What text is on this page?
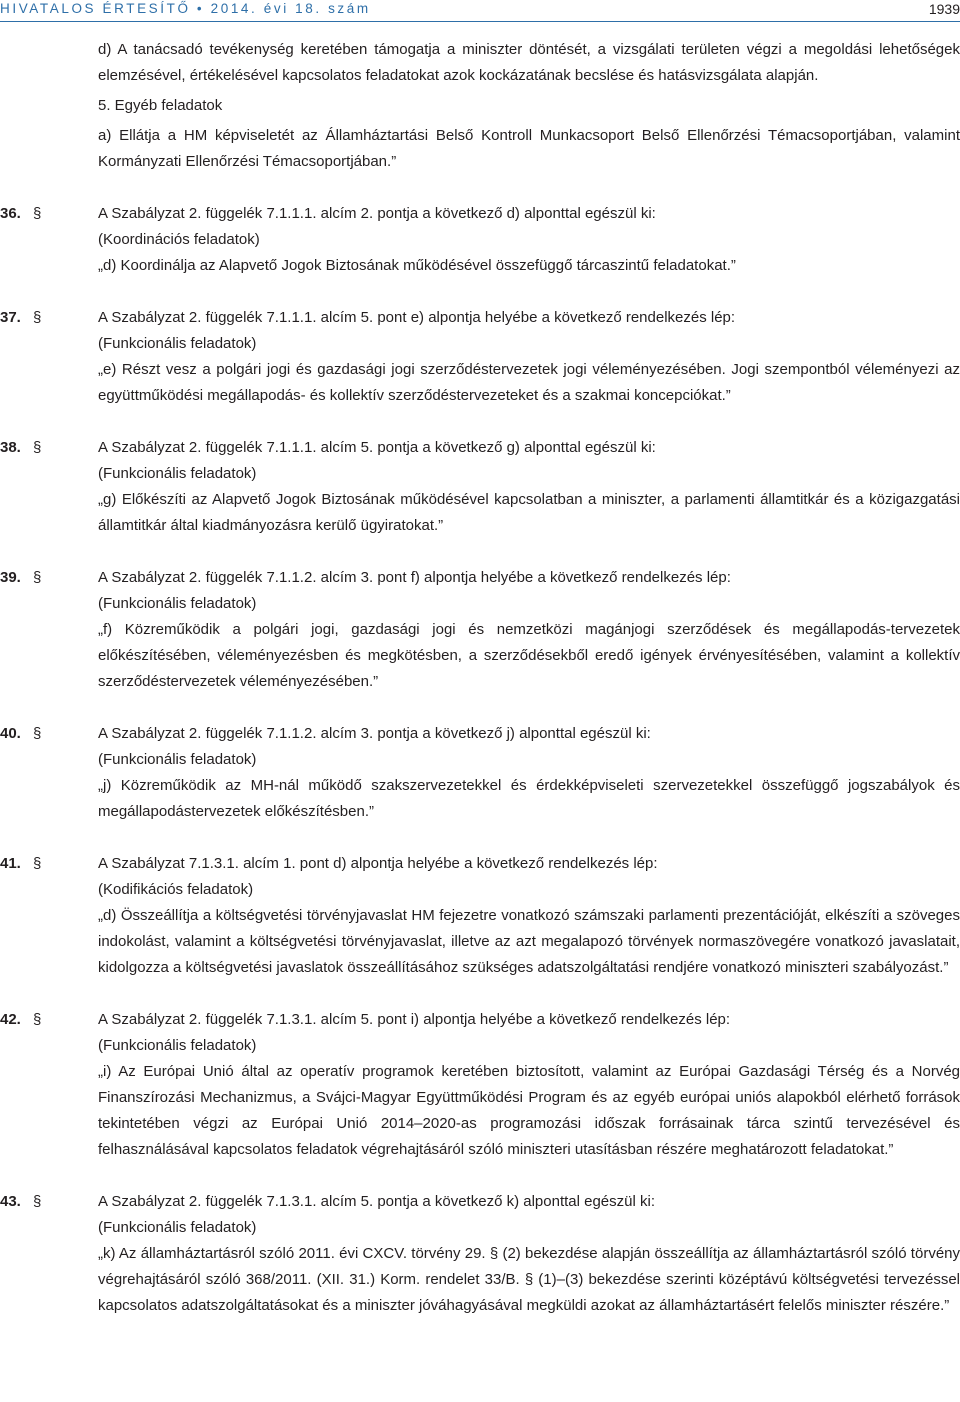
HIVATALOS ÉRTESÍTŐ • 2014. évi 18. szám	1939

d) A tanácsadó tevékenység keretében támogatja a miniszter döntését, a vizsgálati területen végzi a megoldási lehetőségek elemzésével, értékelésével kapcsolatos feladatokat azok kockázatának becslése és hatásvizsgálata alapján.

5. Egyéb feladatok

a) Ellátja a HM képviseletét az Államháztartási Belső Kontroll Munkacsoport Belső Ellenőrzési Témacsoportjában, valamint Kormányzati Ellenőrzési Témacsoportjában.”

36. §	A Szabályzat 2. függelék 7.1.1.1. alcím 2. pontja a következő d) alponttal egészül ki:

(Koordinációs feladatok)

„d) Koordinálja az Alapvető Jogok Biztosának működésével összefüggő tárcaszintű feladatokat.”

37. §	A Szabályzat 2. függelék 7.1.1.1. alcím 5. pont e) alpontja helyébe a következő rendelkezés lép:

(Funkcionális feladatok)

„e) Részt vesz a polgári jogi és gazdasági jogi szerződéstervezetek jogi véleményezésében. Jogi szempontból véleményezi az együttműködési megállapodás- és kollektív szerződéstervezeteket és a szakmai koncepciókat.”

38. §	A Szabályzat 2. függelék 7.1.1.1. alcím 5. pontja a következő g) alponttal egészül ki:

(Funkcionális feladatok)

„g) Előkészíti az Alapvető Jogok Biztosának működésével kapcsolatban a miniszter, a parlamenti államtitkár és a közigazgatási államtitkár által kiadmányozásra kerülő ügyiratokat.”

39. §	A Szabályzat 2. függelék 7.1.1.2. alcím 3. pont f) alpontja helyébe a következő rendelkezés lép:

(Funkcionális feladatok)

„f) Közreműködik a polgári jogi, gazdasági jogi és nemzetközi magánjogi szerződések és megállapodás-tervezetek előkészítésében, véleményezésben és megkötésben, a szerződésekből eredő igények érvényesítésében, valamint a kollektív szerződéstervezetek véleményezésében.”

40. §	A Szabályzat 2. függelék 7.1.1.2. alcím 3. pontja a következő j) alponttal egészül ki:

(Funkcionális feladatok)

„j) Közreműködik az MH-nál működő szakszervezetekkel és érdekképviseleti szervezetekkel összefüggő jogszabályok és megállapodástervezetek előkészítésben.”

41. §	A Szabályzat 7.1.3.1. alcím 1. pont d) alpontja helyébe a következő rendelkezés lép:

(Kodifikációs feladatok)

„d) Összeállítja a költségvetési törvényjavaslat HM fejezetre vonatkozó számszaki parlamenti prezentációját, elkészíti a szöveges indokolást, valamint a költségvetési törvényjavaslat, illetve az azt megalapozó törvények normaszövegére vonatkozó javaslatait, kidolgozza a költségvetési javaslatok összeállításához szükséges adatszolgáltatási rendjére vonatkozó miniszteri szabályozást.”

42. §	A Szabályzat 2. függelék 7.1.3.1. alcím 5. pont i) alpontja helyébe a következő rendelkezés lép:

(Funkcionális feladatok)

„i) Az Európai Unió által az operatív programok keretében biztosított, valamint az Európai Gazdasági Térség és a Norvég Finanszírozási Mechanizmus, a Svájci-Magyar Együttműködési Program és az egyéb európai uniós alapokból elérhető források tekintetében végzi az Európai Unió 2014–2020-as programozási időszak forrásainak tárca szintű tervezésével és felhasználásával kapcsolatos feladatok végrehajtásáról szóló miniszteri utasításban részére meghatározott feladatokat.”

43. §	A Szabályzat 2. függelék 7.1.3.1. alcím 5. pontja a következő k) alponttal egészül ki:

(Funkcionális feladatok)

„k) Az államháztartásról szóló 2011. évi CXCV. törvény 29. § (2) bekezdése alapján összeállítja az államháztartásról szóló törvény végrehajtásáról szóló 368/2011. (XII. 31.) Korm. rendelet 33/B. § (1)–(3) bekezdése szerinti középtávú költségvetési tervezéssel kapcsolatos adatszolgáltatásokat és a miniszter jóváhagyásával megküldi azokat az államháztartásért felelős miniszter részére.”
